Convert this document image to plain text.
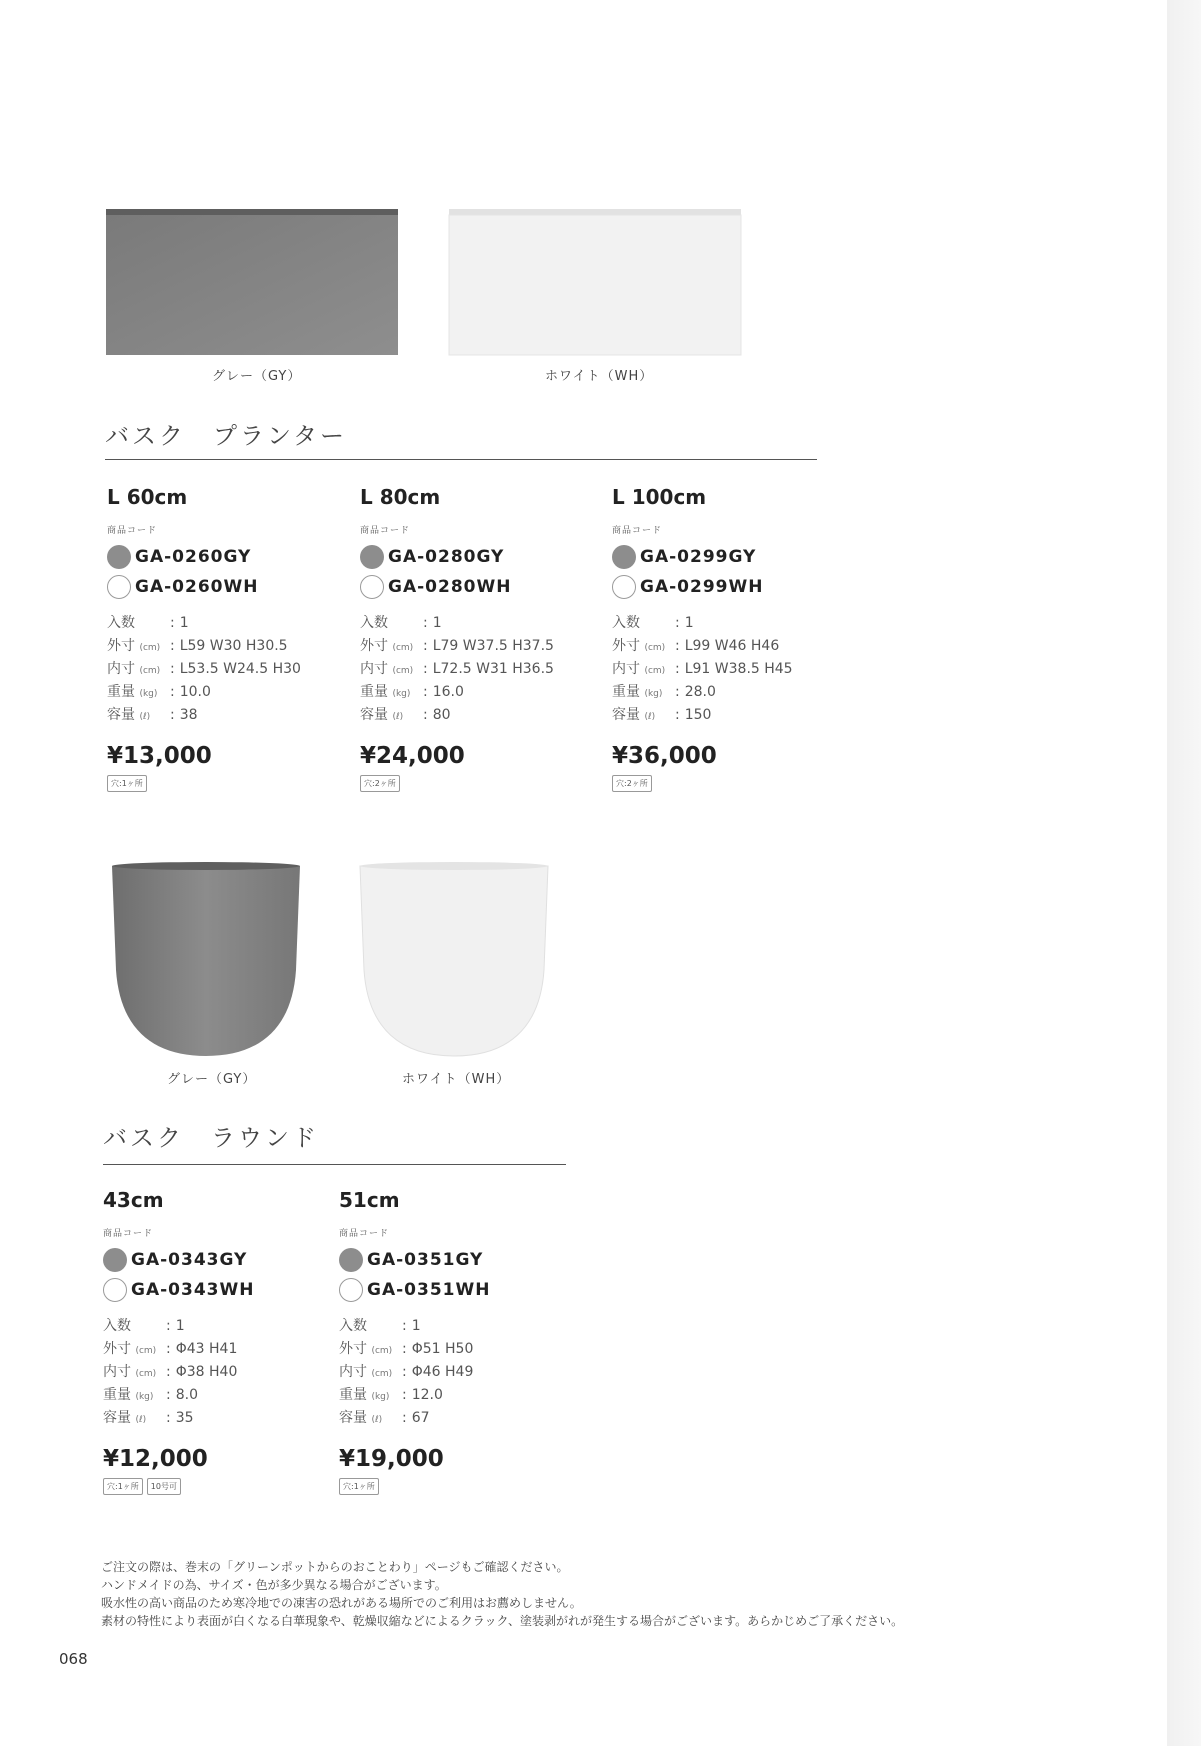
グレー（GY）	ホワイト（WH）
バスク　プランター
L 60cm
商品コード
GA-0260GY
GA-0260WH
入数	: 1
外寸 (cm) : L59 W30 H30.5
内寸 (cm) : L53.5 W24.5 H30
重量 (kg) : 10.0
容量 (ℓ) : 38
¥13,000
穴:1ヶ所
L 80cm
商品コード
GA-0280GY
GA-0280WH
入数	: 1
外寸 (cm) : L79 W37.5 H37.5
内寸 (cm) : L72.5 W31 H36.5
重量 (kg) : 16.0
容量 (ℓ) : 80
¥24,000
穴:2ヶ所
L 100cm
商品コード
GA-0299GY
GA-0299WH
入数	: 1
外寸 (cm) : L99 W46 H46
内寸 (cm) : L91 W38.5 H45
重量 (kg) : 28.0
容量 (ℓ) : 150
¥36,000
穴:2ヶ所
グレー（GY）	ホワイト（WH）
バスク　ラウンド
43cm
商品コード
GA-0343GY
GA-0343WH
入数	: 1
外寸 (cm) : Φ43 H41
内寸 (cm) : Φ38 H40
重量 (kg) : 8.0
容量 (ℓ) : 35
¥12,000
穴:1ヶ所	10号可
51cm
商品コード
GA-0351GY
GA-0351WH
入数	: 1
外寸 (cm) : Φ51 H50
内寸 (cm) : Φ46 H49
重量 (kg) : 12.0
容量 (ℓ) : 67
¥19,000
穴:1ヶ所
ご注文の際は、巻末の「グリーンポットからのおことわり」ページもご確認ください。
ハンドメイドの為、サイズ・色が多少異なる場合がございます。
吸水性の高い商品のため寒冷地での凍害の恐れがある場所でのご利用はお薦めしません。
素材の特性により表面が白くなる白華現象や、乾燥収縮などによるクラック、塗装剥がれが発生する場合がございます。あらかじめご了承ください。
068
